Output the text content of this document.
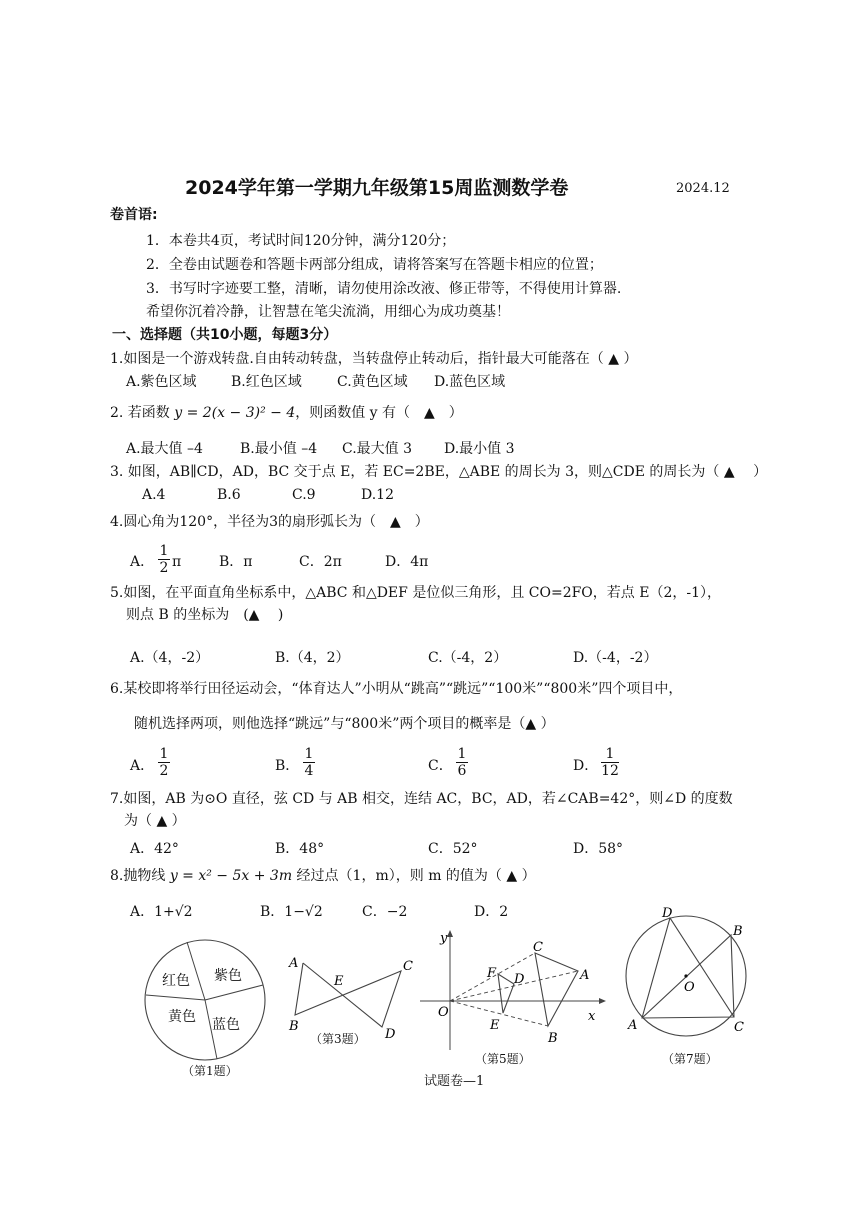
2024学年第一学期九年级第15周监测数学卷	2024.12
卷首语:
1．本卷共4页，考试时间120分钟，满分120分；
2．全卷由试题卷和答题卡两部分组成，请将答案写在答题卡相应的位置；
3．书写时字迹要工整，清晰，请勿使用涂改液、修正带等，不得使用计算器.
希望你沉着冷静，让智慧在笔尖流淌，用细心为成功奠基！
一、选择题（共10小题，每题3分）
1.如图是一个游戏转盘.自由转动转盘，当转盘停止转动后，指针最大可能落在（ ▲ ）
A.紫色区域 B.红色区域	C.黄色区域 D.蓝色区域
2. 若函数 y = 2(x − 3)² − 4，则函数值 y 有（　▲　）
A.最大值 –4	B.最小值 –4 C.最大值 3 D.最小值 3
3. 如图，AB∥CD，AD，BC 交于点 E，若 EC=2BE，△ABE 的周长为 3，则△CDE 的周长为（ ▲　 ）
A.4	B.6	C.9	D.12
4.圆心角为120°，半径为3的扇形弧长为（　▲　）
A． $\frac{1}{2}$ π	B．π	C．2π	D．4π
5.如图，在平面直角坐标系中，△ABC 和△DEF 是位似三角形，且 CO=2FO，若点 E（2，-1），
则点 B 的坐标为　(▲　 )
A.（4，-2）	B.（4，2）	C.（-4，2）	D.（-4，-2）
6.某校即将举行田径运动会，“体育达人”小明从“跳高”“跳远”“100米”“800米”四个项目中，
随机选择两项，则他选择“跳远”与“800米”两个项目的概率是（▲ ）
A． $\frac{1}{2}$	B． $\frac{1}{4}$	C． $\frac{1}{6}$	D． $\frac{1}{12}$
7.如图，AB 为⊙O 直径，弦 CD 与 AB 相交，连结 AC，BC，AD，若∠CAB=42°，则∠D 的度数
为（ ▲ ）
A．42°	B．48°	C．52°	D．58°
8.抛物线 y = x² − 5x + 3m 经过点（1，m），则 m 的值为（ ▲ ）
A．1+√2	B．1−√2	C．−2	D．2
红色 紫色
黄色 蓝色
（第1题）
A
E
C
B
D
（第3题）
y
x
O
C
A
B
F D
E
（第5题）
D
B
O
A	C
（第7题）
试题卷—1
